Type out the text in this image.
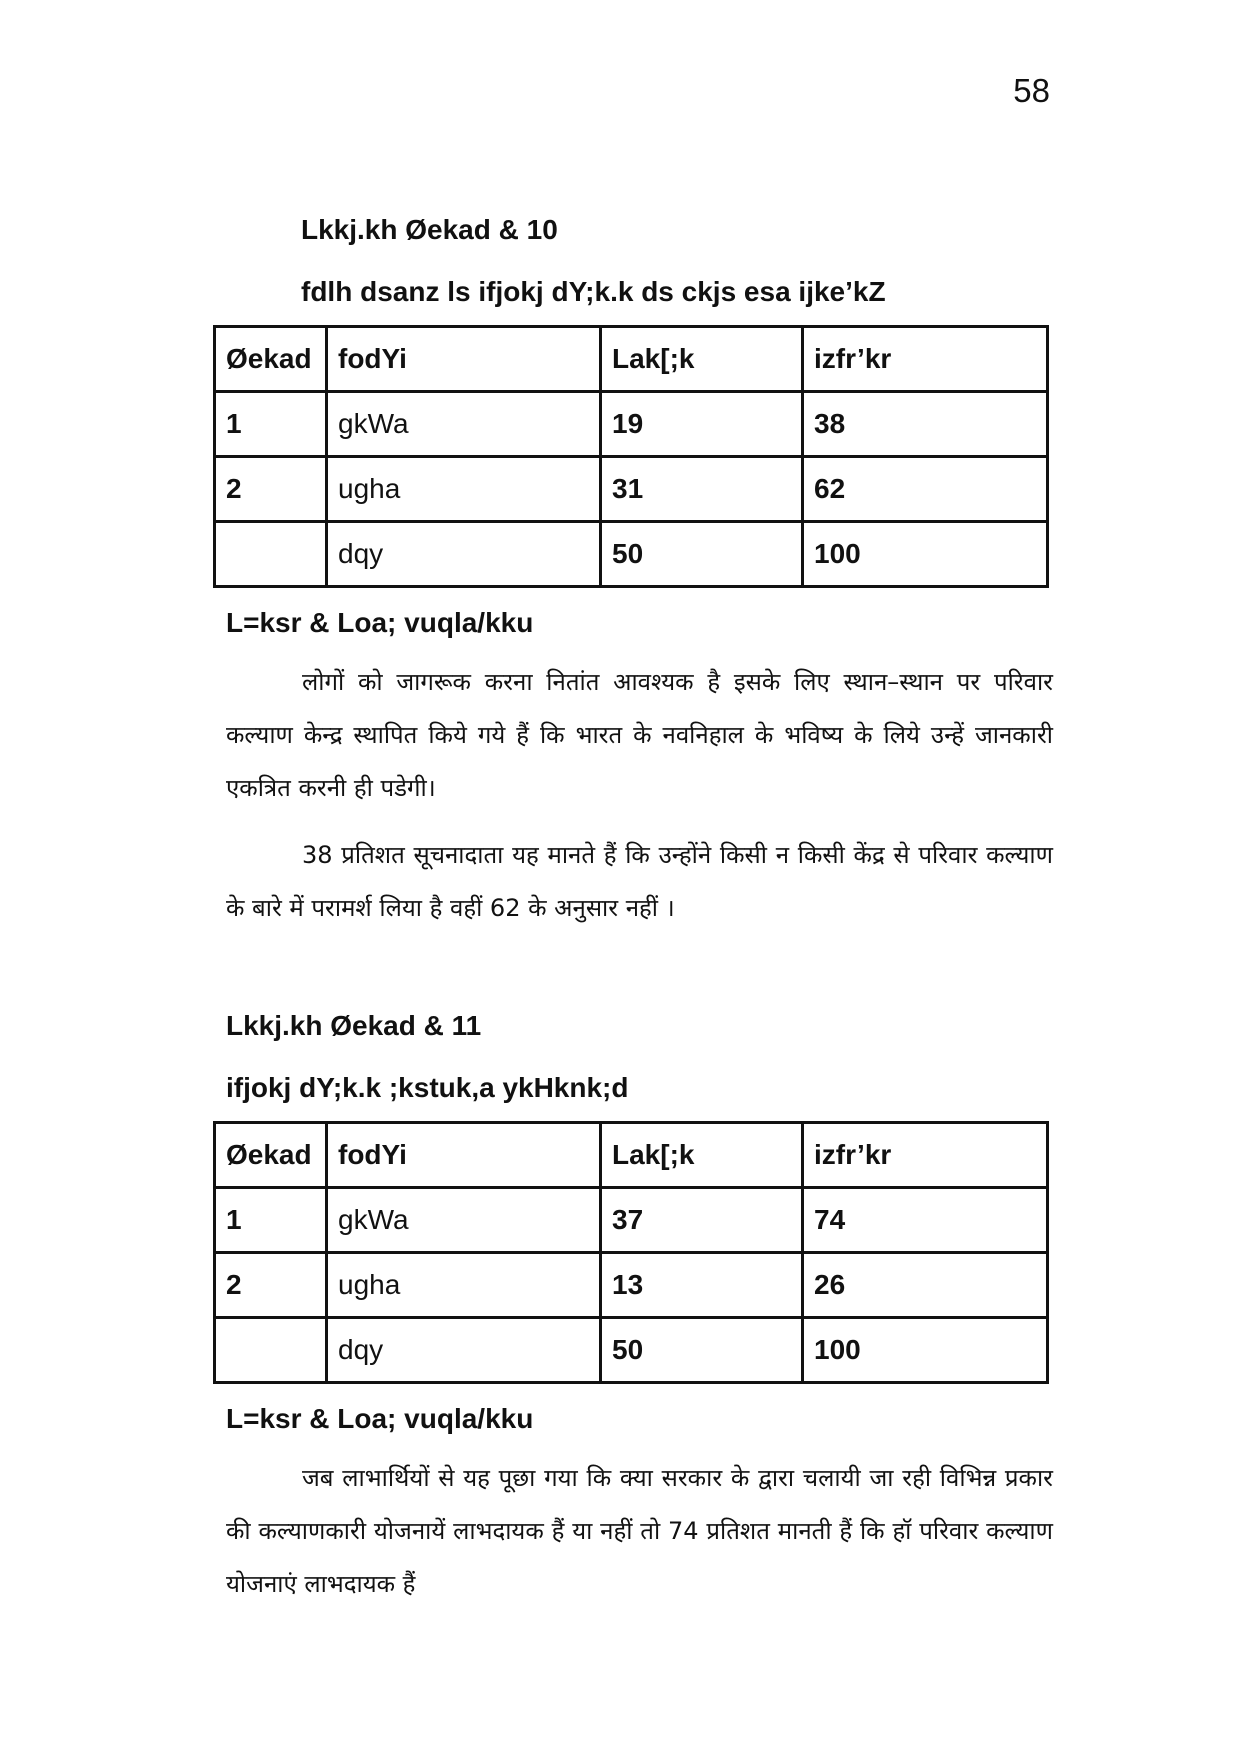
58
Lkkj.kh Øekad & 10
fdlh dsanz ls ifjokj dY;k.k ds ckjs esa ijke’kZ
Øekad	fodYi	Lak[;k	izfr’kr
1	gkWa	19	38
2	ugha	31	62
	dqy	50	100
L=ksr & Loa; vuqla/kku

लोगों को जागरूक करना नितांत आवश्यक है इसके लिए स्थान–स्थान पर परिवार कल्याण केन्द्र स्थापित किये गये हैं कि भारत के नवनिहाल के भविष्य के लिये उन्हें जानकारी एकत्रित करनी ही पडेगी।

38 प्रतिशत सूचनादाता यह मानते हैं कि उन्होंने किसी न किसी केंद्र से परिवार कल्याण के बारे में परामर्श लिया है वहीं 62 के अनुसार नहीं ।

Lkkj.kh Øekad & 11
ifjokj dY;k.k ;kstuk,a ykHknk;d
Øekad	fodYi	Lak[;k	izfr’kr
1	gkWa	37	74
2	ugha	13	26
	dqy	50	100
L=ksr & Loa; vuqla/kku

जब लाभार्थियों से यह पूछा गया कि क्या सरकार के द्वारा चलायी जा रही विभिन्न प्रकार की कल्याणकारी योजनायें लाभदायक हैं या नहीं तो 74 प्रतिशत मानती हैं कि हॉ परिवार कल्याण योजनाएं लाभदायक हैं
